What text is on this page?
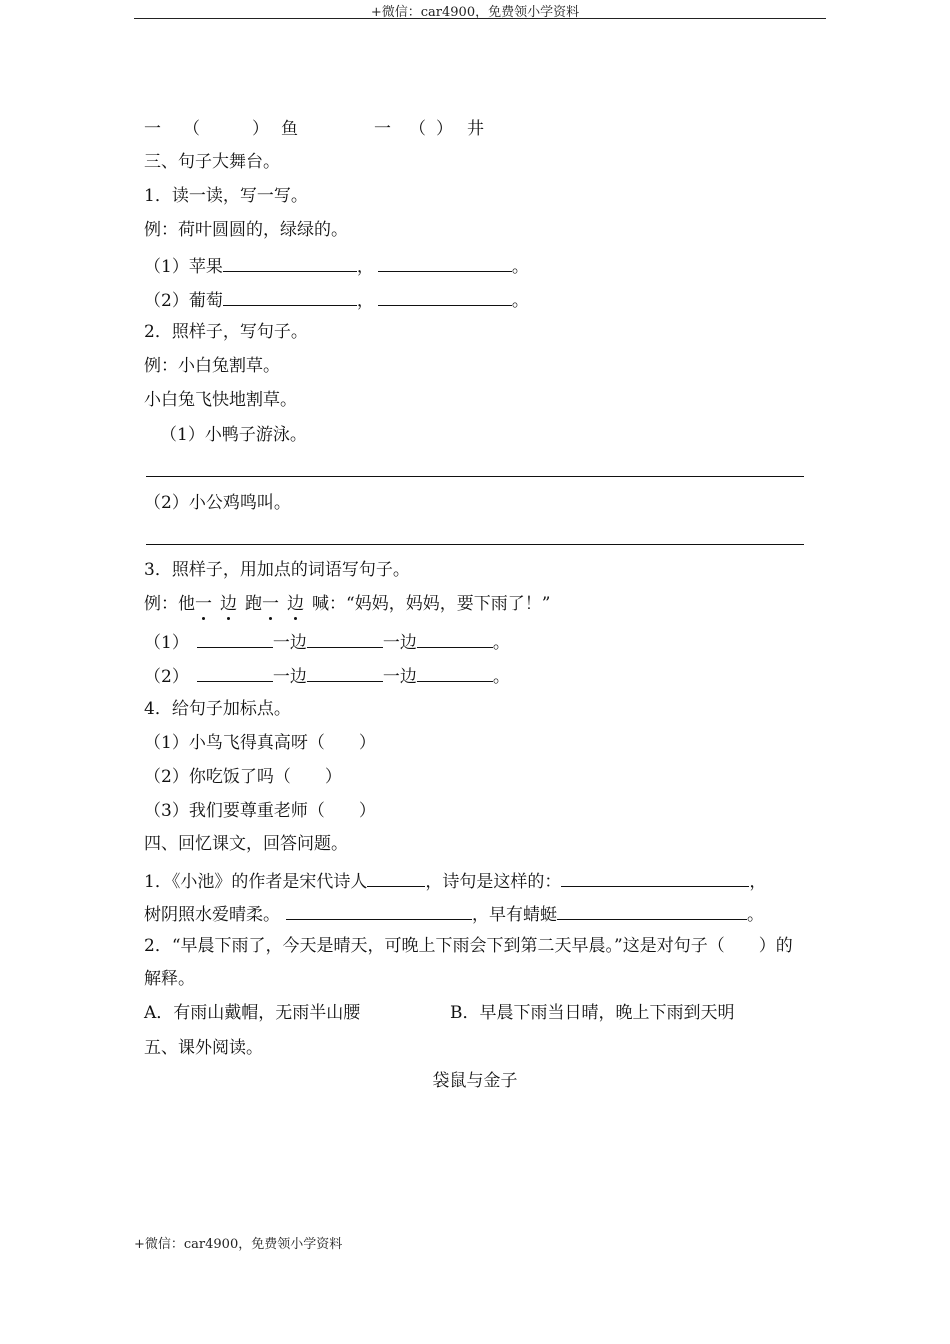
+微信：car4900，免费领小学资料
一 （	） 鱼	一 （ ） 井
三、句子大舞台。
1．读一读，写一写。
例：荷叶圆圆的，绿绿的。
（1）苹果	，	。
（2）葡萄	，	。
2．照样子，写句子。
例：小白兔割草。
小白兔飞快地割草。
（1）小鸭子游泳。
（2）小公鸡鸣叫。
3．照样子，用加点的词语写句子。
例：他一 边 跑一 边 喊：“妈妈，妈妈，要下雨了！”
（1）	一边	一边	。
（2）	一边	一边	。
4．给句子加标点。
（1）小鸟飞得真高呀（　　）
（2）你吃饭了吗（　　）
（3）我们要尊重老师（　　）
四、回忆课文，回答问题。
1．《小池》的作者是宋代诗人	，诗句是这样的：	，
树阴照水爱晴柔。	，早有蜻蜓	。
2．“早晨下雨了，今天是晴天，可晚上下雨会下到第二天早晨。”这是对句子（　　）的
解释。
A．有雨山戴帽，无雨半山腰	B．早晨下雨当日晴，晚上下雨到天明
五、课外阅读。
袋鼠与金子
+微信：car4900，免费领小学资料
